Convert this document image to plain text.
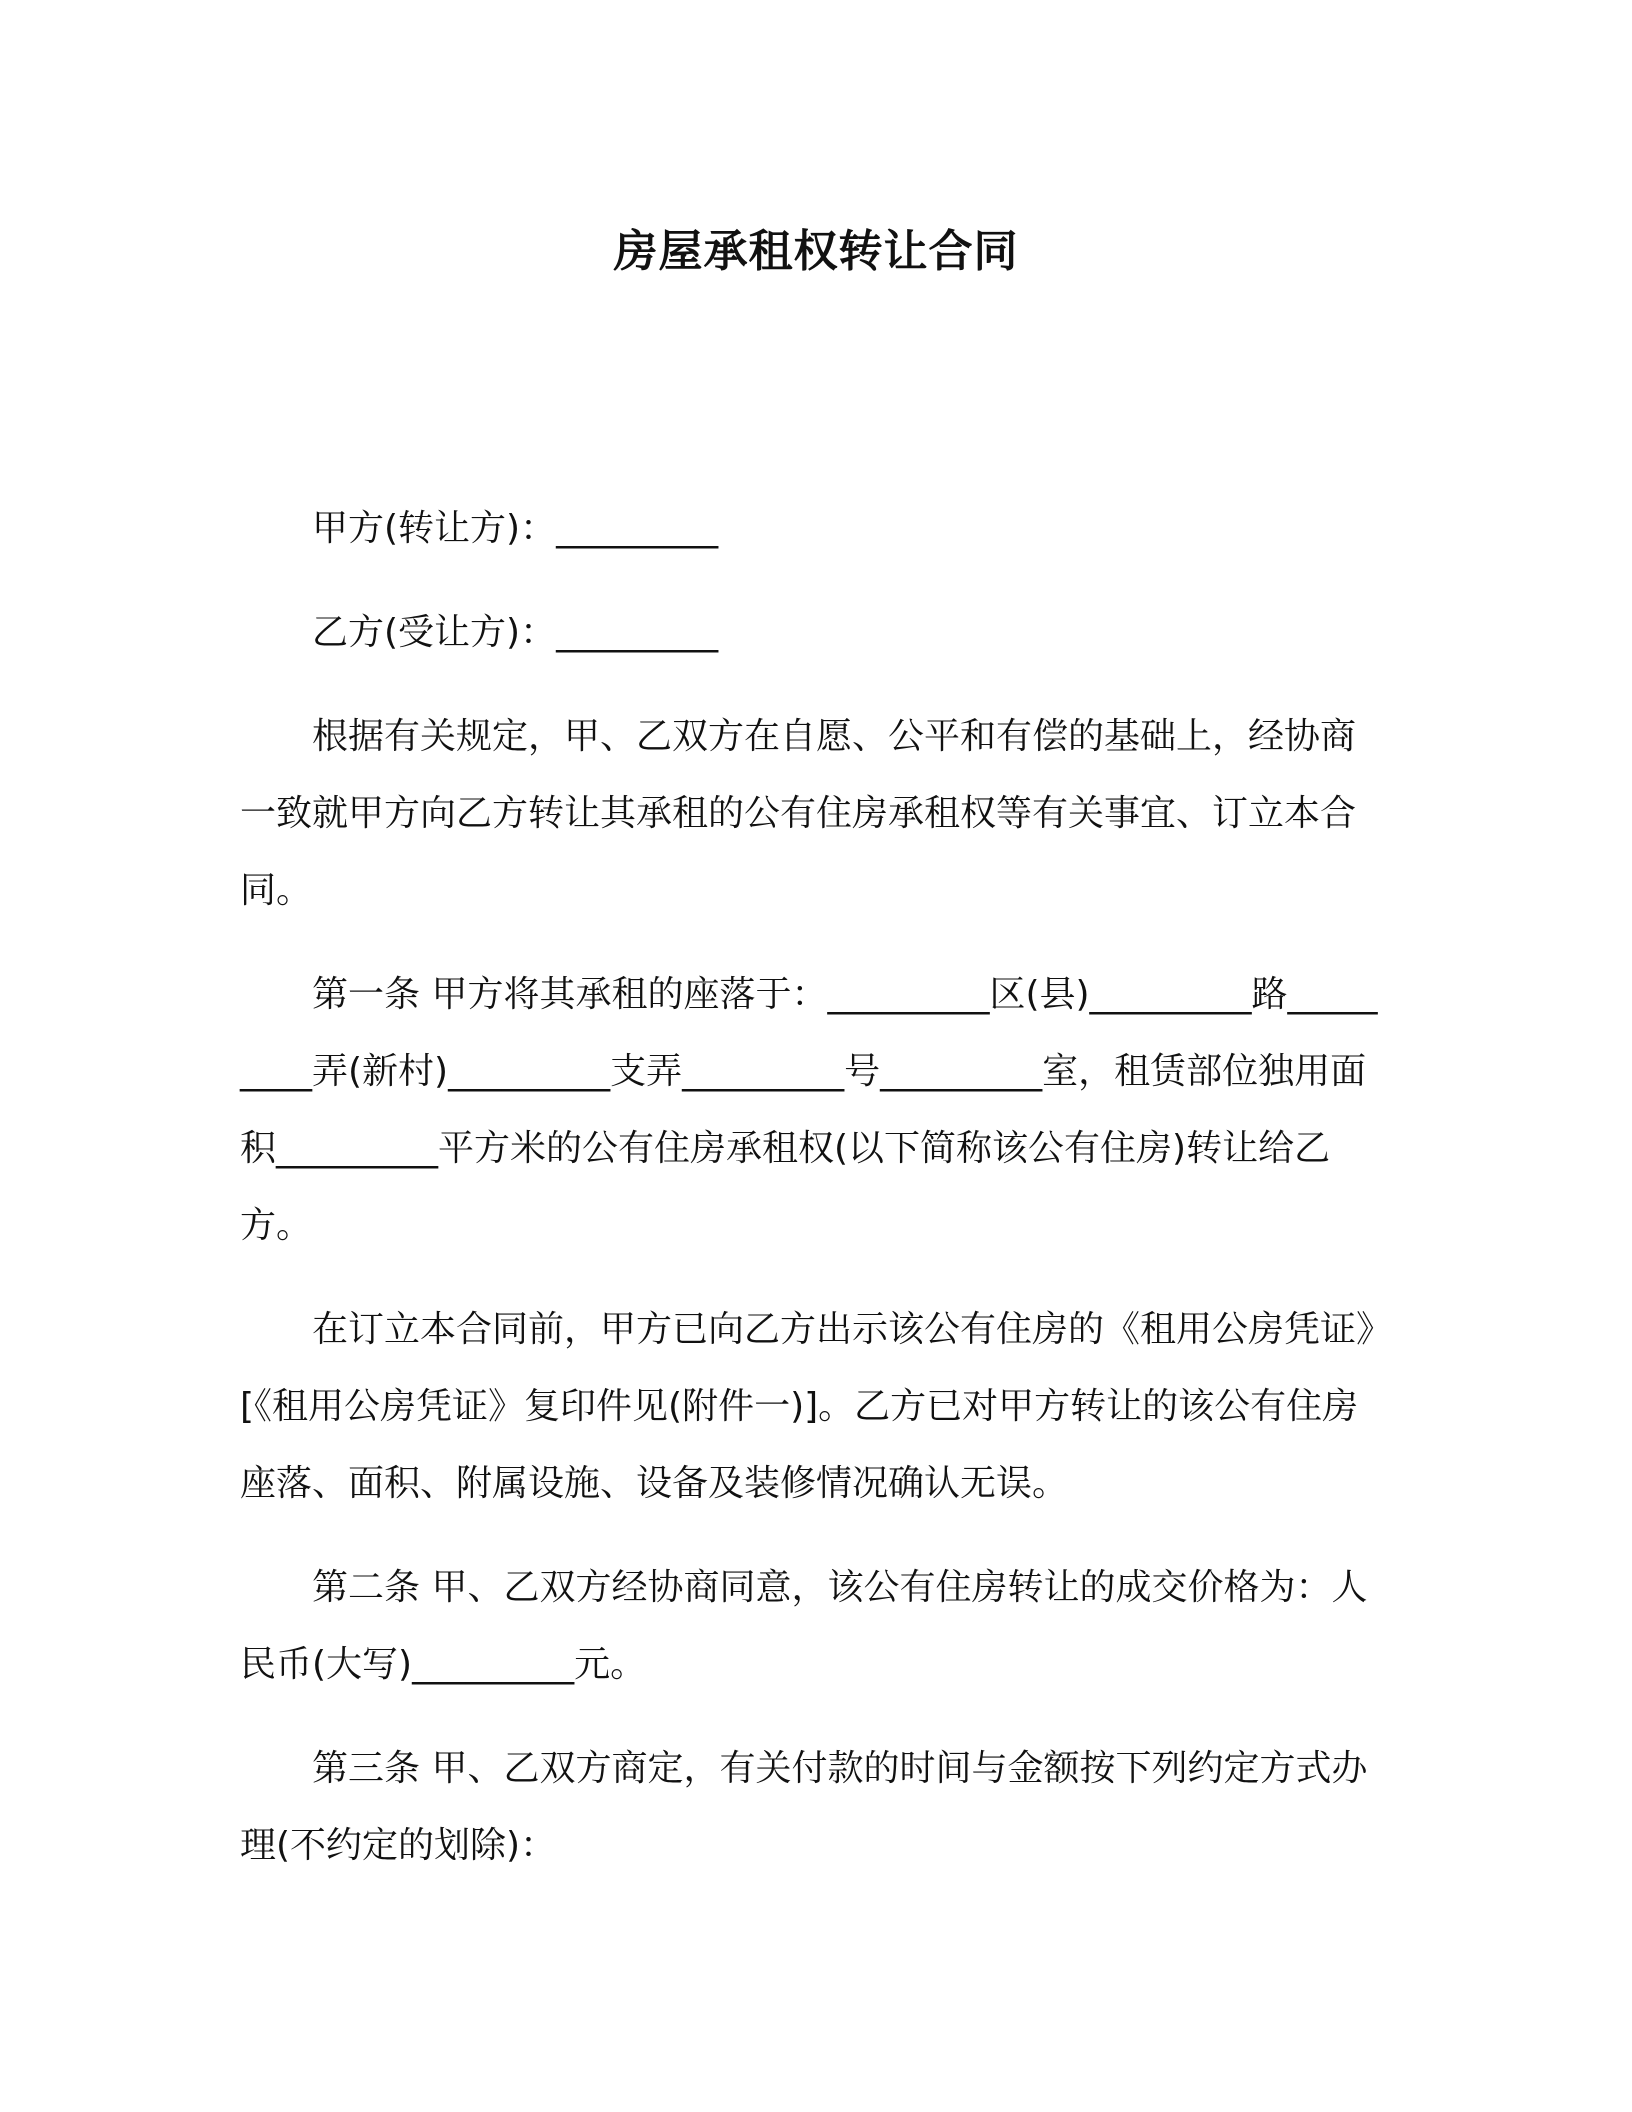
房屋承租权转让合同

甲方(转让方)：_________

乙方(受让方)：_________

根据有关规定，甲、乙双方在自愿、公平和有偿的基础上，经协商一致就甲方向乙方转让其承租的公有住房承租权等有关事宜、订立本合同。

第一条 甲方将其承租的座落于：_________区(县)_________路_________弄(新村)_________支弄_________号_________室，租赁部位独用面积_________平方米的公有住房承租权(以下简称该公有住房)转让给乙方。

在订立本合同前，甲方已向乙方出示该公有住房的《租用公房凭证》[《租用公房凭证》复印件见(附件一)]。乙方已对甲方转让的该公有住房座落、面积、附属设施、设备及装修情况确认无误。

第二条 甲、乙双方经协商同意，该公有住房转让的成交价格为：人民币(大写)_________元。

第三条 甲、乙双方商定，有关付款的时间与金额按下列约定方式办理(不约定的划除)：
